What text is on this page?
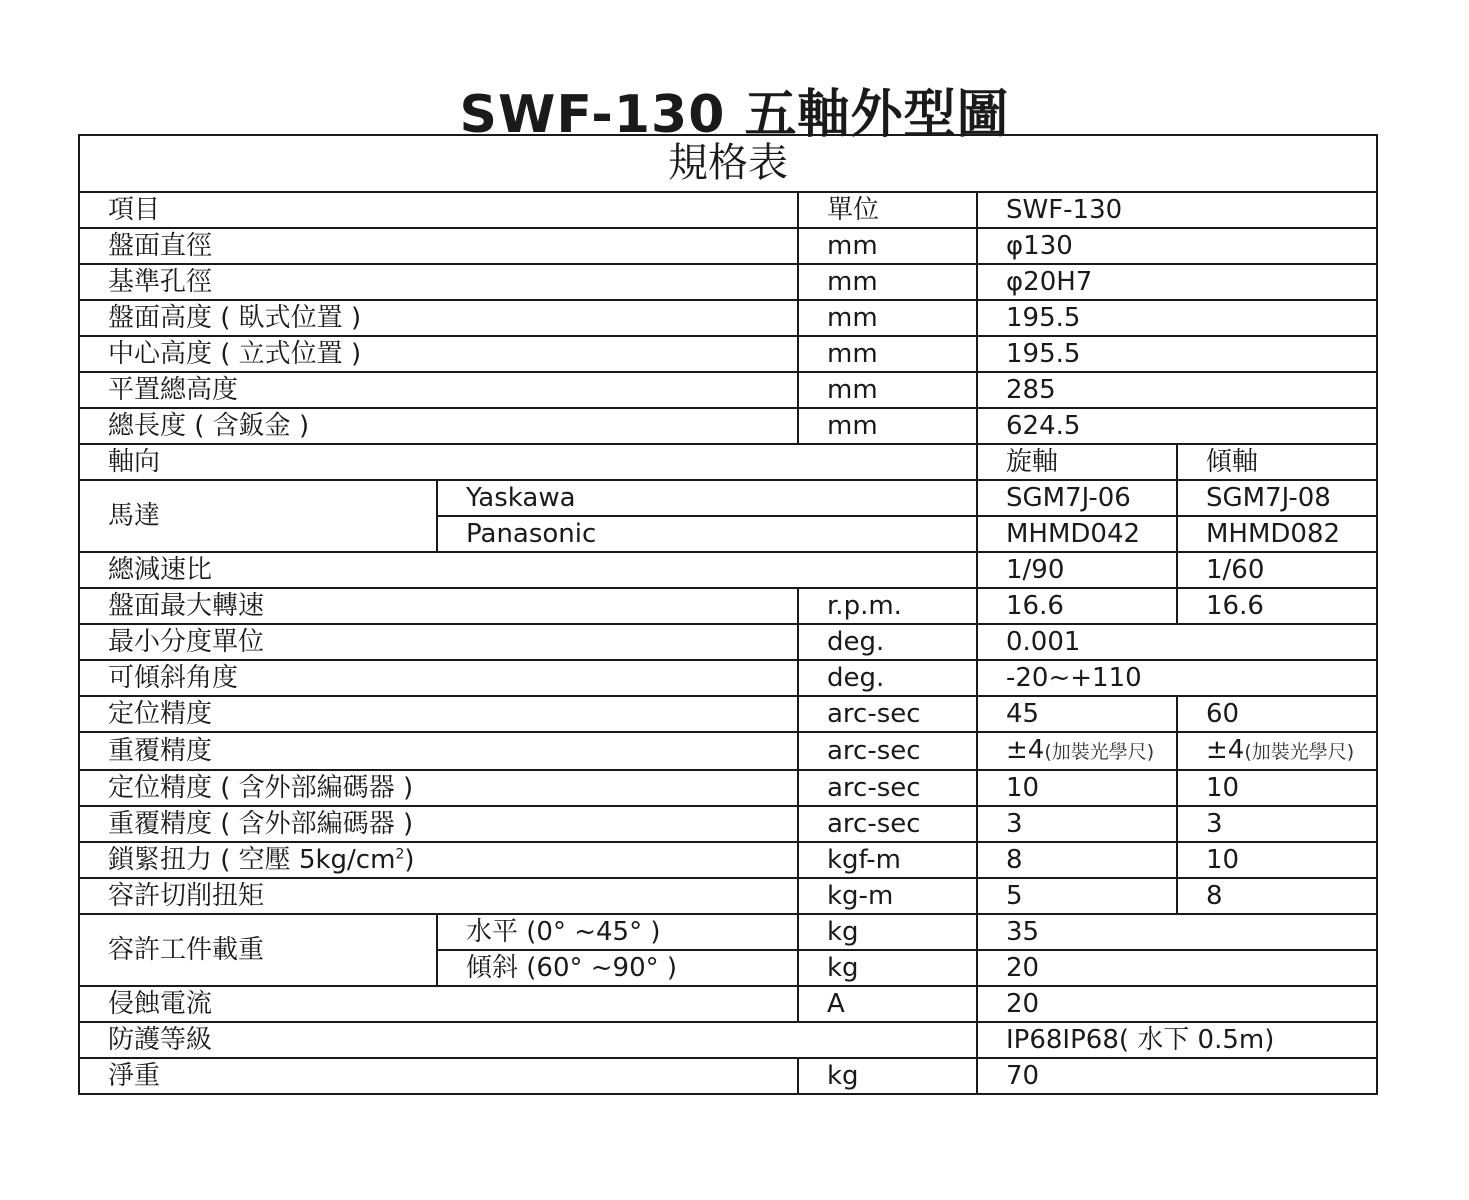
SWF-130 五軸外型圖
規格表				
項目		單位	SWF-130	
盤面直徑		mm	φ130	
基準孔徑		mm	φ20H7	
盤面高度 ( 臥式位置 )		mm	195.5	
中心高度 ( 立式位置 )		mm	195.5	
平置總高度		mm	285	
總長度 ( 含鈑金 )		mm	624.5	
軸向			旋軸	傾軸
馬達	Yaskawa		SGM7J-06	SGM7J-08
	Panasonic		MHMD042	MHMD082
總減速比			1/90	1/60
盤面最大轉速		r.p.m.	16.6	16.6
最小分度單位		deg.	0.001	
可傾斜角度		deg.	-20~+110	
定位精度		arc-sec	45	60
重覆精度		arc-sec	±4(加裝光學尺)	±4(加裝光學尺)
定位精度 ( 含外部編碼器 )		arc-sec	10	10
重覆精度 ( 含外部編碼器 )		arc-sec	3	3
鎖緊扭力 ( 空壓 $5kg/cm^2$)		kgf-m	8	10
容許切削扭矩		kg-m	5	8
容許工件載重	水平 (0° ~45° )	kg	35	
	傾斜 (60° ~90° )	kg	20	
侵蝕電流		A	20	
防護等級			IP68IP68( 水下 0.5m)	
淨重		kg	70	
